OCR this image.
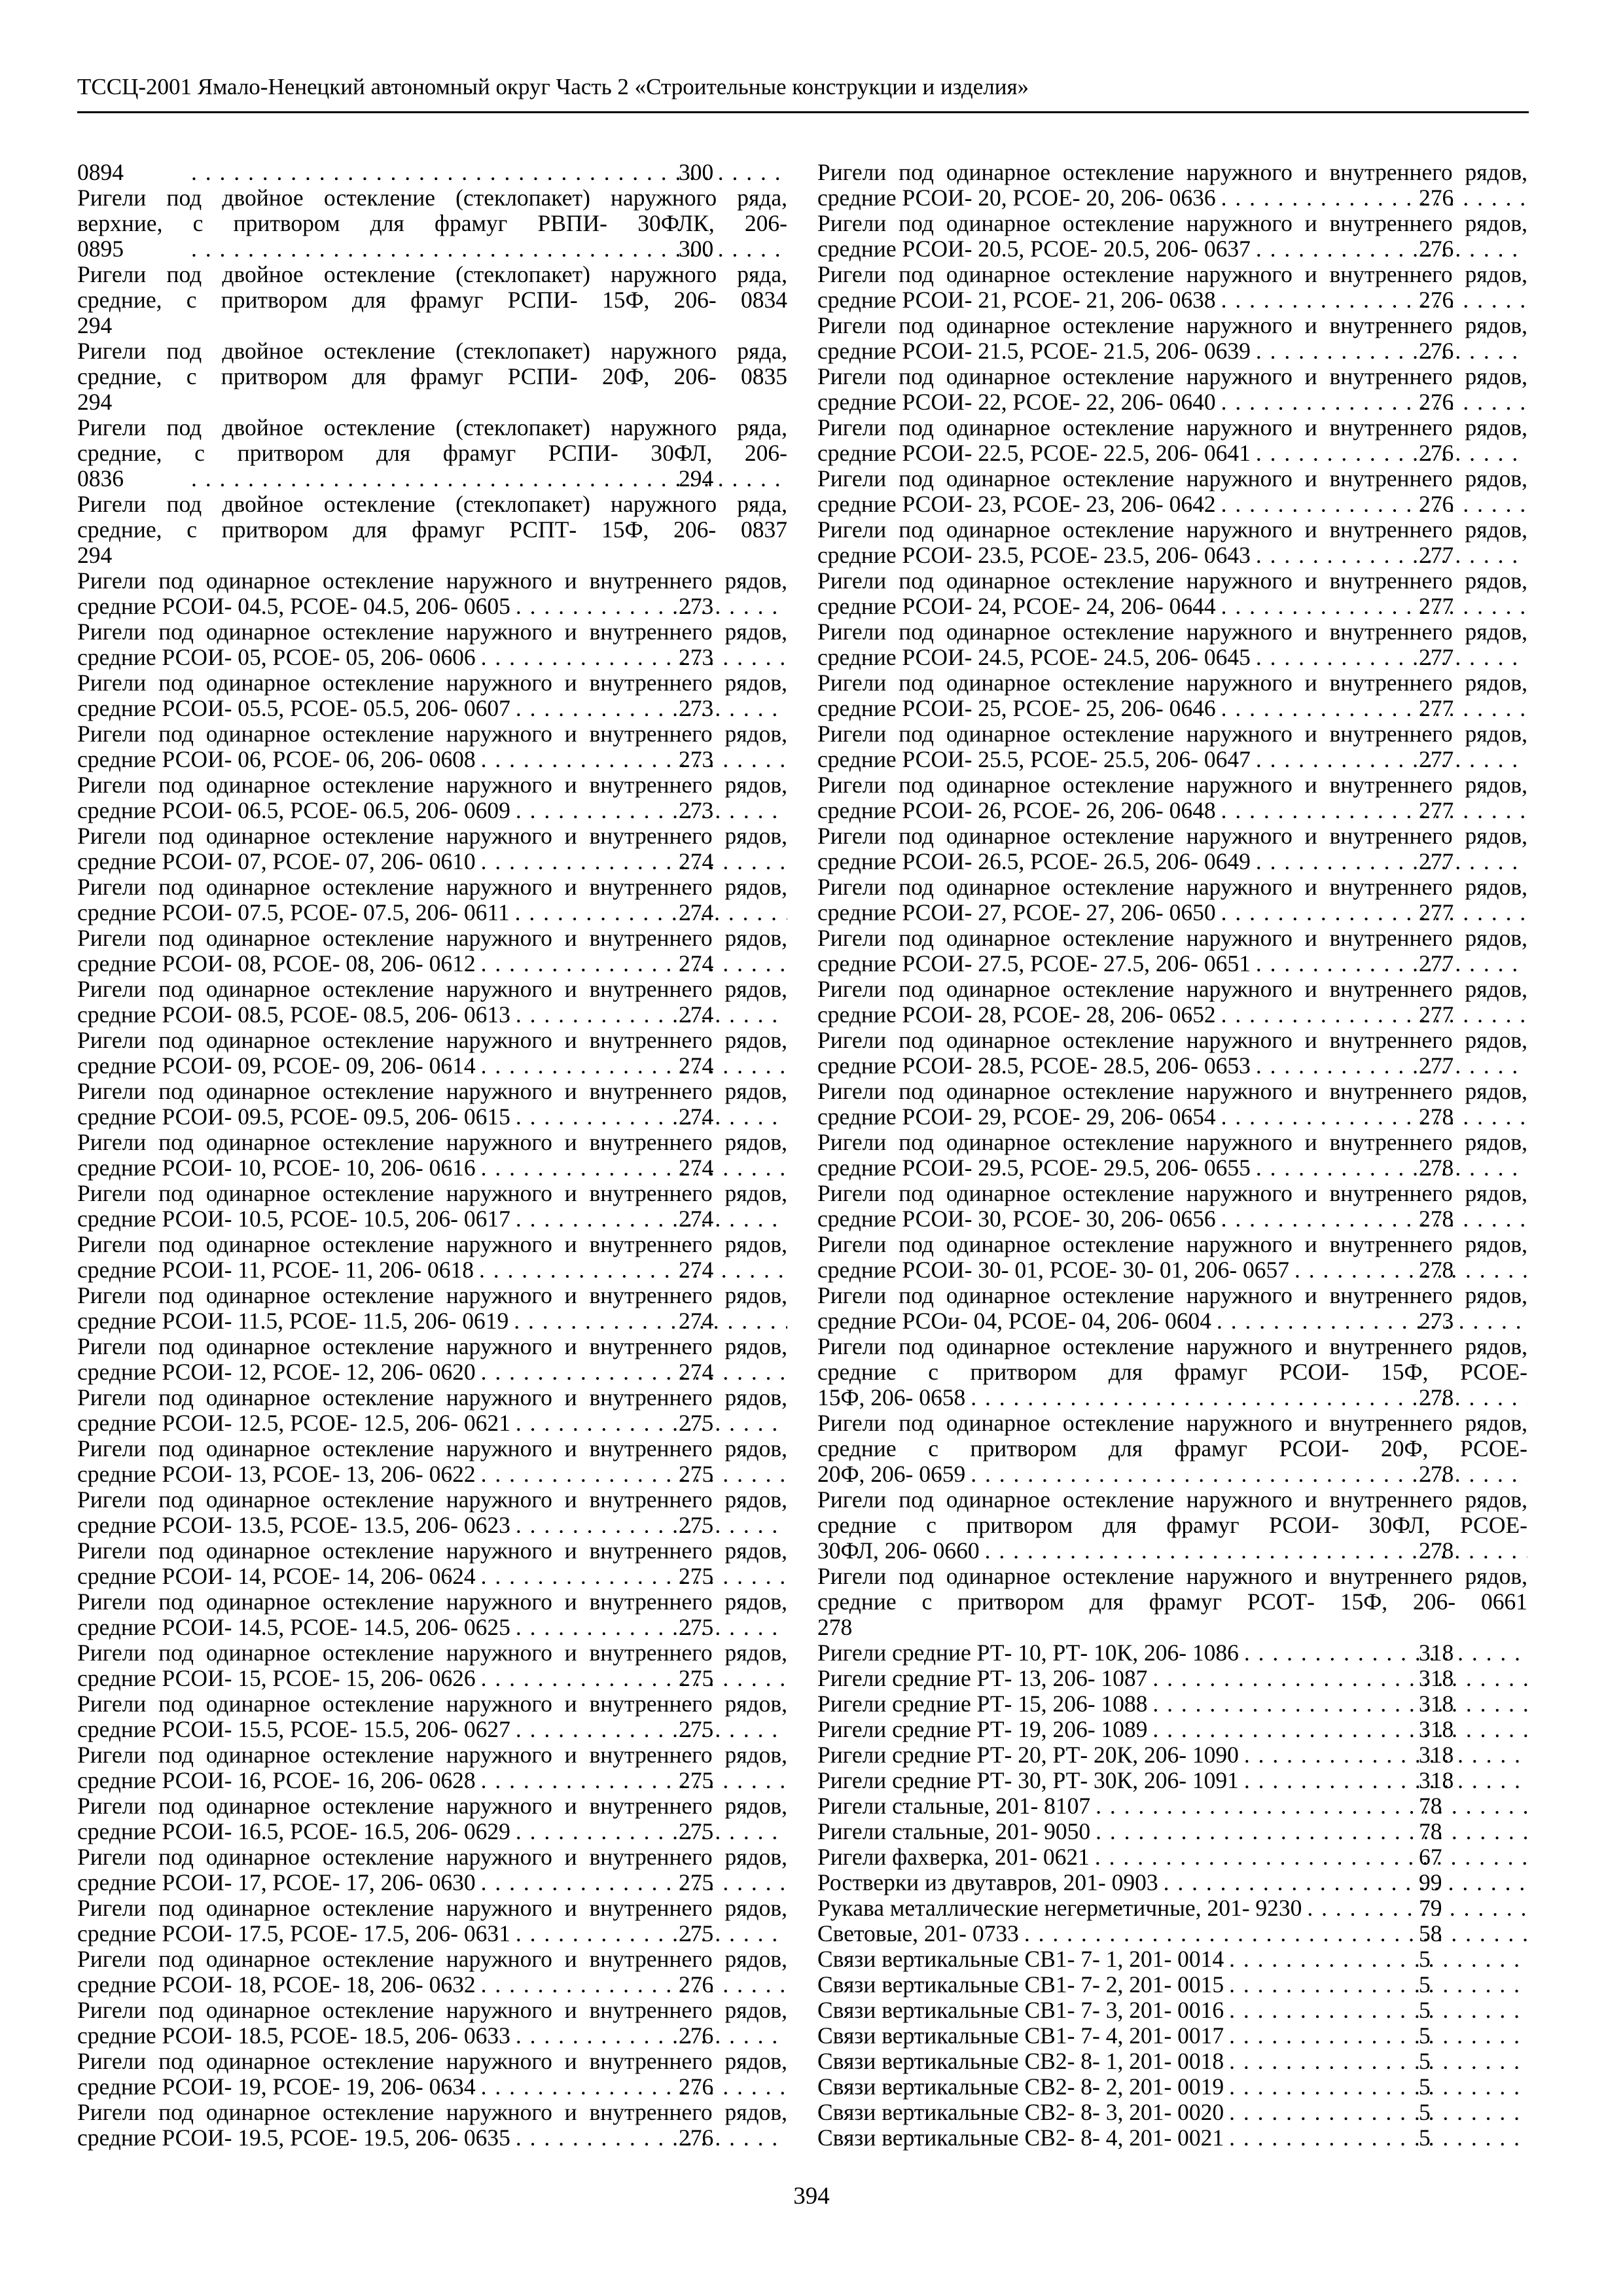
ТССЦ-2001 Ямало-Ненецкий автономный округ Часть 2 «Строительные конструкции и изделия»
0894 . . .	300
Ригели под двойное остекление (стеклопакет) наружного ряда,
верхние, с притвором для фрамуг РВПИ- 30ФЛК, 206-
0895 . . .	300
Ригели под двойное остекление (стеклопакет) наружного ряда,
средние, с притвором для фрамуг РСПИ- 15Ф, 206- 0834
294
Ригели под двойное остекление (стеклопакет) наружного ряда,
средние, с притвором для фрамуг РСПИ- 20Ф, 206- 0835
294
Ригели под двойное остекление (стеклопакет) наружного ряда,
средние, с притвором для фрамуг РСПИ- 30ФЛ, 206-
0836 . . .	294
Ригели под двойное остекление (стеклопакет) наружного ряда,
средние, с притвором для фрамуг РСПТ- 15Ф, 206- 0837
294
Ригели под одинарное остекление наружного и внутреннего рядов,
средние РСОИ- 04.5, РСОЕ- 04.5, 206- 0605 . . .	273
Ригели под одинарное остекление наружного и внутреннего рядов,
средние РСОИ- 05, РСОЕ- 05, 206- 0606 . . .	273
Ригели под одинарное остекление наружного и внутреннего рядов,
средние РСОИ- 05.5, РСОЕ- 05.5, 206- 0607 . . .	273
Ригели под одинарное остекление наружного и внутреннего рядов,
средние РСОИ- 06, РСОЕ- 06, 206- 0608 . . .	273
Ригели под одинарное остекление наружного и внутреннего рядов,
средние РСОИ- 06.5, РСОЕ- 06.5, 206- 0609 . . .	273
Ригели под одинарное остекление наружного и внутреннего рядов,
средние РСОИ- 07, РСОЕ- 07, 206- 0610 . . .	274
Ригели под одинарное остекление наружного и внутреннего рядов,
средние РСОИ- 07.5, РСОЕ- 07.5, 206- 0611 . . .	274
Ригели под одинарное остекление наружного и внутреннего рядов,
средние РСОИ- 08, РСОЕ- 08, 206- 0612 . . .	274
Ригели под одинарное остекление наружного и внутреннего рядов,
средние РСОИ- 08.5, РСОЕ- 08.5, 206- 0613 . . .	274
Ригели под одинарное остекление наружного и внутреннего рядов,
средние РСОИ- 09, РСОЕ- 09, 206- 0614 . . .	274
Ригели под одинарное остекление наружного и внутреннего рядов,
средние РСОИ- 09.5, РСОЕ- 09.5, 206- 0615 . . .	274
Ригели под одинарное остекление наружного и внутреннего рядов,
средние РСОИ- 10, РСОЕ- 10, 206- 0616 . . .	274
Ригели под одинарное остекление наружного и внутреннего рядов,
средние РСОИ- 10.5, РСОЕ- 10.5, 206- 0617 . . .	274
Ригели под одинарное остекление наружного и внутреннего рядов,
средние РСОИ- 11, РСОЕ- 11, 206- 0618 . . .	274
Ригели под одинарное остекление наружного и внутреннего рядов,
средние РСОИ- 11.5, РСОЕ- 11.5, 206- 0619 . . .	274
Ригели под одинарное остекление наружного и внутреннего рядов,
средние РСОИ- 12, РСОЕ- 12, 206- 0620 . . .	274
Ригели под одинарное остекление наружного и внутреннего рядов,
средние РСОИ- 12.5, РСОЕ- 12.5, 206- 0621 . . .	275
Ригели под одинарное остекление наружного и внутреннего рядов,
средние РСОИ- 13, РСОЕ- 13, 206- 0622 . . .	275
Ригели под одинарное остекление наружного и внутреннего рядов,
средние РСОИ- 13.5, РСОЕ- 13.5, 206- 0623 . . .	275
Ригели под одинарное остекление наружного и внутреннего рядов,
средние РСОИ- 14, РСОЕ- 14, 206- 0624 . . .	275
Ригели под одинарное остекление наружного и внутреннего рядов,
средние РСОИ- 14.5, РСОЕ- 14.5, 206- 0625 . . .	275
Ригели под одинарное остекление наружного и внутреннего рядов,
средние РСОИ- 15, РСОЕ- 15, 206- 0626 . . .	275
Ригели под одинарное остекление наружного и внутреннего рядов,
средние РСОИ- 15.5, РСОЕ- 15.5, 206- 0627 . . .	275
Ригели под одинарное остекление наружного и внутреннего рядов,
средние РСОИ- 16, РСОЕ- 16, 206- 0628 . . .	275
Ригели под одинарное остекление наружного и внутреннего рядов,
средние РСОИ- 16.5, РСОЕ- 16.5, 206- 0629 . . .	275
Ригели под одинарное остекление наружного и внутреннего рядов,
средние РСОИ- 17, РСОЕ- 17, 206- 0630 . . .	275
Ригели под одинарное остекление наружного и внутреннего рядов,
средние РСОИ- 17.5, РСОЕ- 17.5, 206- 0631 . . .	275
Ригели под одинарное остекление наружного и внутреннего рядов,
средние РСОИ- 18, РСОЕ- 18, 206- 0632 . . .	276
Ригели под одинарное остекление наружного и внутреннего рядов,
средние РСОИ- 18.5, РСОЕ- 18.5, 206- 0633 . . .	276
Ригели под одинарное остекление наружного и внутреннего рядов,
средние РСОИ- 19, РСОЕ- 19, 206- 0634 . . .	276
Ригели под одинарное остекление наружного и внутреннего рядов,
средние РСОИ- 19.5, РСОЕ- 19.5, 206- 0635 . . .	276
Ригели под одинарное остекление наружного и внутреннего рядов,
средние РСОИ- 20, РСОЕ- 20, 206- 0636 . . .	276
Ригели под одинарное остекление наружного и внутреннего рядов,
средние РСОИ- 20.5, РСОЕ- 20.5, 206- 0637 . . .	276
Ригели под одинарное остекление наружного и внутреннего рядов,
средние РСОИ- 21, РСОЕ- 21, 206- 0638 . . .	276
Ригели под одинарное остекление наружного и внутреннего рядов,
средние РСОИ- 21.5, РСОЕ- 21.5, 206- 0639 . . .	276
Ригели под одинарное остекление наружного и внутреннего рядов,
средние РСОИ- 22, РСОЕ- 22, 206- 0640 . . .	276
Ригели под одинарное остекление наружного и внутреннего рядов,
средние РСОИ- 22.5, РСОЕ- 22.5, 206- 0641 . . .	276
Ригели под одинарное остекление наружного и внутреннего рядов,
средние РСОИ- 23, РСОЕ- 23, 206- 0642 . . .	276
Ригели под одинарное остекление наружного и внутреннего рядов,
средние РСОИ- 23.5, РСОЕ- 23.5, 206- 0643 . . .	277
Ригели под одинарное остекление наружного и внутреннего рядов,
средние РСОИ- 24, РСОЕ- 24, 206- 0644 . . .	277
Ригели под одинарное остекление наружного и внутреннего рядов,
средние РСОИ- 24.5, РСОЕ- 24.5, 206- 0645 . . .	277
Ригели под одинарное остекление наружного и внутреннего рядов,
средние РСОИ- 25, РСОЕ- 25, 206- 0646 . . .	277
Ригели под одинарное остекление наружного и внутреннего рядов,
средние РСОИ- 25.5, РСОЕ- 25.5, 206- 0647 . . .	277
Ригели под одинарное остекление наружного и внутреннего рядов,
средние РСОИ- 26, РСОЕ- 26, 206- 0648 . . .	277
Ригели под одинарное остекление наружного и внутреннего рядов,
средние РСОИ- 26.5, РСОЕ- 26.5, 206- 0649 . . .	277
Ригели под одинарное остекление наружного и внутреннего рядов,
средние РСОИ- 27, РСОЕ- 27, 206- 0650 . . .	277
Ригели под одинарное остекление наружного и внутреннего рядов,
средние РСОИ- 27.5, РСОЕ- 27.5, 206- 0651 . . .	277
Ригели под одинарное остекление наружного и внутреннего рядов,
средние РСОИ- 28, РСОЕ- 28, 206- 0652 . . .	277
Ригели под одинарное остекление наружного и внутреннего рядов,
средние РСОИ- 28.5, РСОЕ- 28.5, 206- 0653 . . .	277
Ригели под одинарное остекление наружного и внутреннего рядов,
средние РСОИ- 29, РСОЕ- 29, 206- 0654 . . .	278
Ригели под одинарное остекление наружного и внутреннего рядов,
средние РСОИ- 29.5, РСОЕ- 29.5, 206- 0655 . . .	278
Ригели под одинарное остекление наружного и внутреннего рядов,
средние РСОИ- 30, РСОЕ- 30, 206- 0656 . . .	278
Ригели под одинарное остекление наружного и внутреннего рядов,
средние РСОИ- 30- 01, РСОЕ- 30- 01, 206- 0657 . . .	278
Ригели под одинарное остекление наружного и внутреннего рядов,
средние РСОи- 04, РСОЕ- 04, 206- 0604 . . .	273
Ригели под одинарное остекление наружного и внутреннего рядов,
средние с притвором для фрамуг РСОИ- 15Ф, РСОЕ-
15Ф, 206- 0658 . . .	278
Ригели под одинарное остекление наружного и внутреннего рядов,
средние с притвором для фрамуг РСОИ- 20Ф, РСОЕ-
20Ф, 206- 0659 . . .	278
Ригели под одинарное остекление наружного и внутреннего рядов,
средние с притвором для фрамуг РСОИ- 30ФЛ, РСОЕ-
30ФЛ, 206- 0660 . . .	278
Ригели под одинарное остекление наружного и внутреннего рядов,
средние с притвором для фрамуг РСОТ- 15Ф, 206- 0661
278
Ригели средние РТ- 10, РТ- 10К, 206- 1086 . . .	318
Ригели средние РТ- 13, 206- 1087 . . .	318
Ригели средние РТ- 15, 206- 1088 . . .	318
Ригели средние РТ- 19, 206- 1089 . . .	318
Ригели средние РТ- 20, РТ- 20К, 206- 1090 . . .	318
Ригели средние РТ- 30, РТ- 30К, 206- 1091 . . .	318
Ригели стальные, 201- 8107 . . .	78
Ригели стальные, 201- 9050 . . .	78
Ригели фахверка, 201- 0621 . . .	67
Ростверки из двутавров, 201- 0903 . . .	99
Рукава металлические негерметичные, 201- 9230 . . .	79
Световые, 201- 0733 . . .	58
Связи вертикальные СВ1- 7- 1, 201- 0014 . . .	5
Связи вертикальные СВ1- 7- 2, 201- 0015 . . .	5
Связи вертикальные СВ1- 7- 3, 201- 0016 . . .	5
Связи вертикальные СВ1- 7- 4, 201- 0017 . . .	5
Связи вертикальные СВ2- 8- 1, 201- 0018 . . .	5
Связи вертикальные СВ2- 8- 2, 201- 0019 . . .	5
Связи вертикальные СВ2- 8- 3, 201- 0020 . . .	5
Связи вертикальные СВ2- 8- 4, 201- 0021 . . .	5
394
